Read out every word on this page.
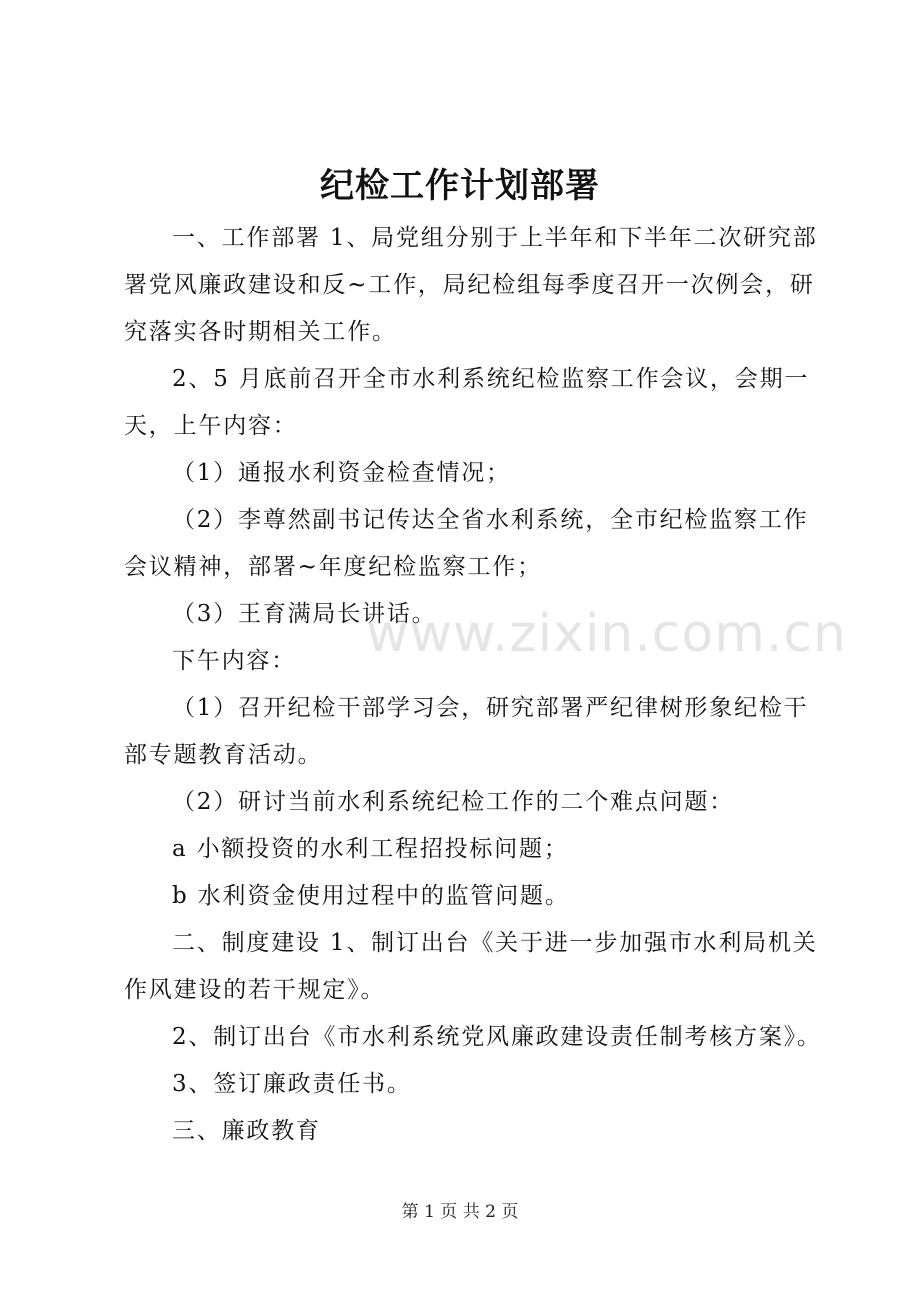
纪检工作计划部署
一、工作部署 1、局党组分别于上半年和下半年二次研究部
署党风廉政建设和反~工作，局纪检组每季度召开一次例会，研
究落实各时期相关工作。
2、5 月底前召开全市水利系统纪检监察工作会议，会期一
天，上午内容：
（1）通报水利资金检查情况；
（2）李尊然副书记传达全省水利系统，全市纪检监察工作
会议精神，部署~年度纪检监察工作；
（3）王育满局长讲话。
下午内容：
（1）召开纪检干部学习会，研究部署严纪律树形象纪检干
部专题教育活动。
（2）研讨当前水利系统纪检工作的二个难点问题：
a 小额投资的水利工程招投标问题；
b 水利资金使用过程中的监管问题。
二、制度建设 1、制订出台《关于进一步加强市水利局机关
作风建设的若干规定》。
2、制订出台《市水利系统党风廉政建设责任制考核方案》。
3、签订廉政责任书。
三、廉政教育
www.zixin.com.cn
第 1 页 共 2 页
